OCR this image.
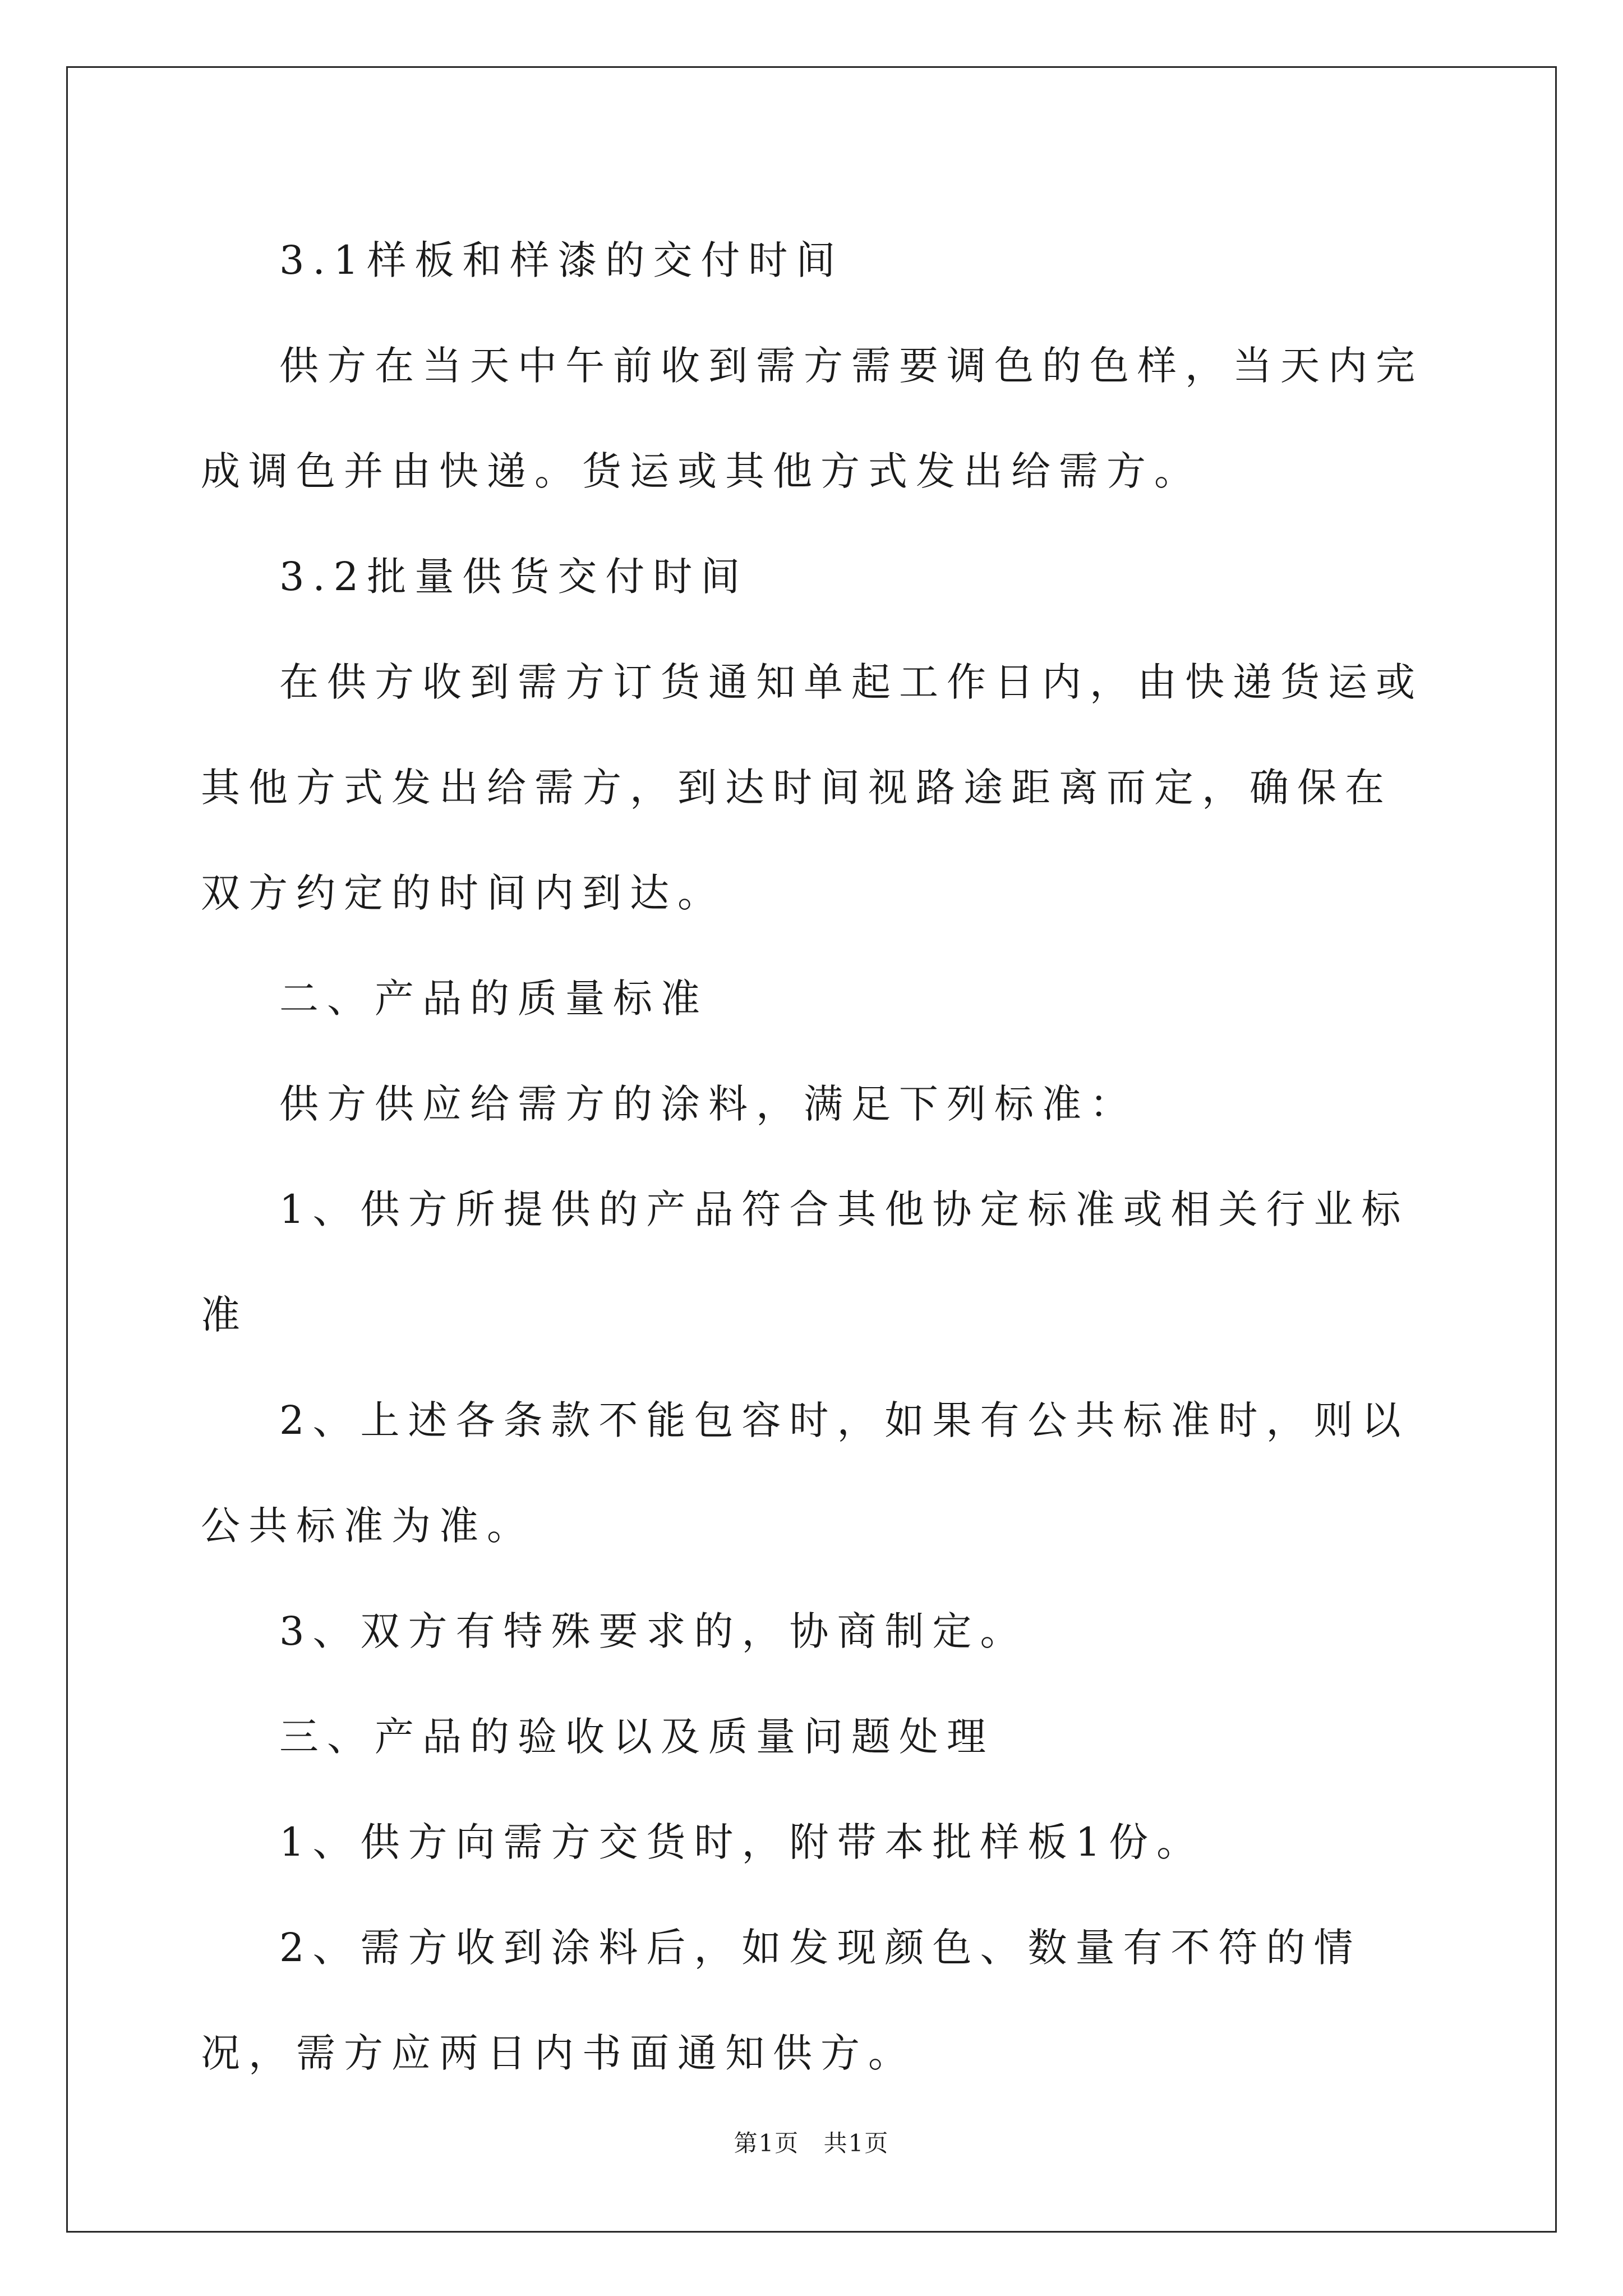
3.1样板和样漆的交付时间

供方在当天中午前收到需方需要调色的色样，当天内完成调色并由快递。货运或其他方式发出给需方。

3.2批量供货交付时间

在供方收到需方订货通知单起工作日内，由快递货运或其他方式发出给需方，到达时间视路途距离而定，确保在双方约定的时间内到达。

二、产品的质量标准

供方供应给需方的涂料，满足下列标准：

1、供方所提供的产品符合其他协定标准或相关行业标准

2、上述各条款不能包容时，如果有公共标准时，则以公共标准为准。

3、双方有特殊要求的，协商制定。

三、产品的验收以及质量问题处理

1、供方向需方交货时，附带本批样板1份。

2、需方收到涂料后，如发现颜色、数量有不符的情况，需方应两日内书面通知供方。

第1页 共1页
